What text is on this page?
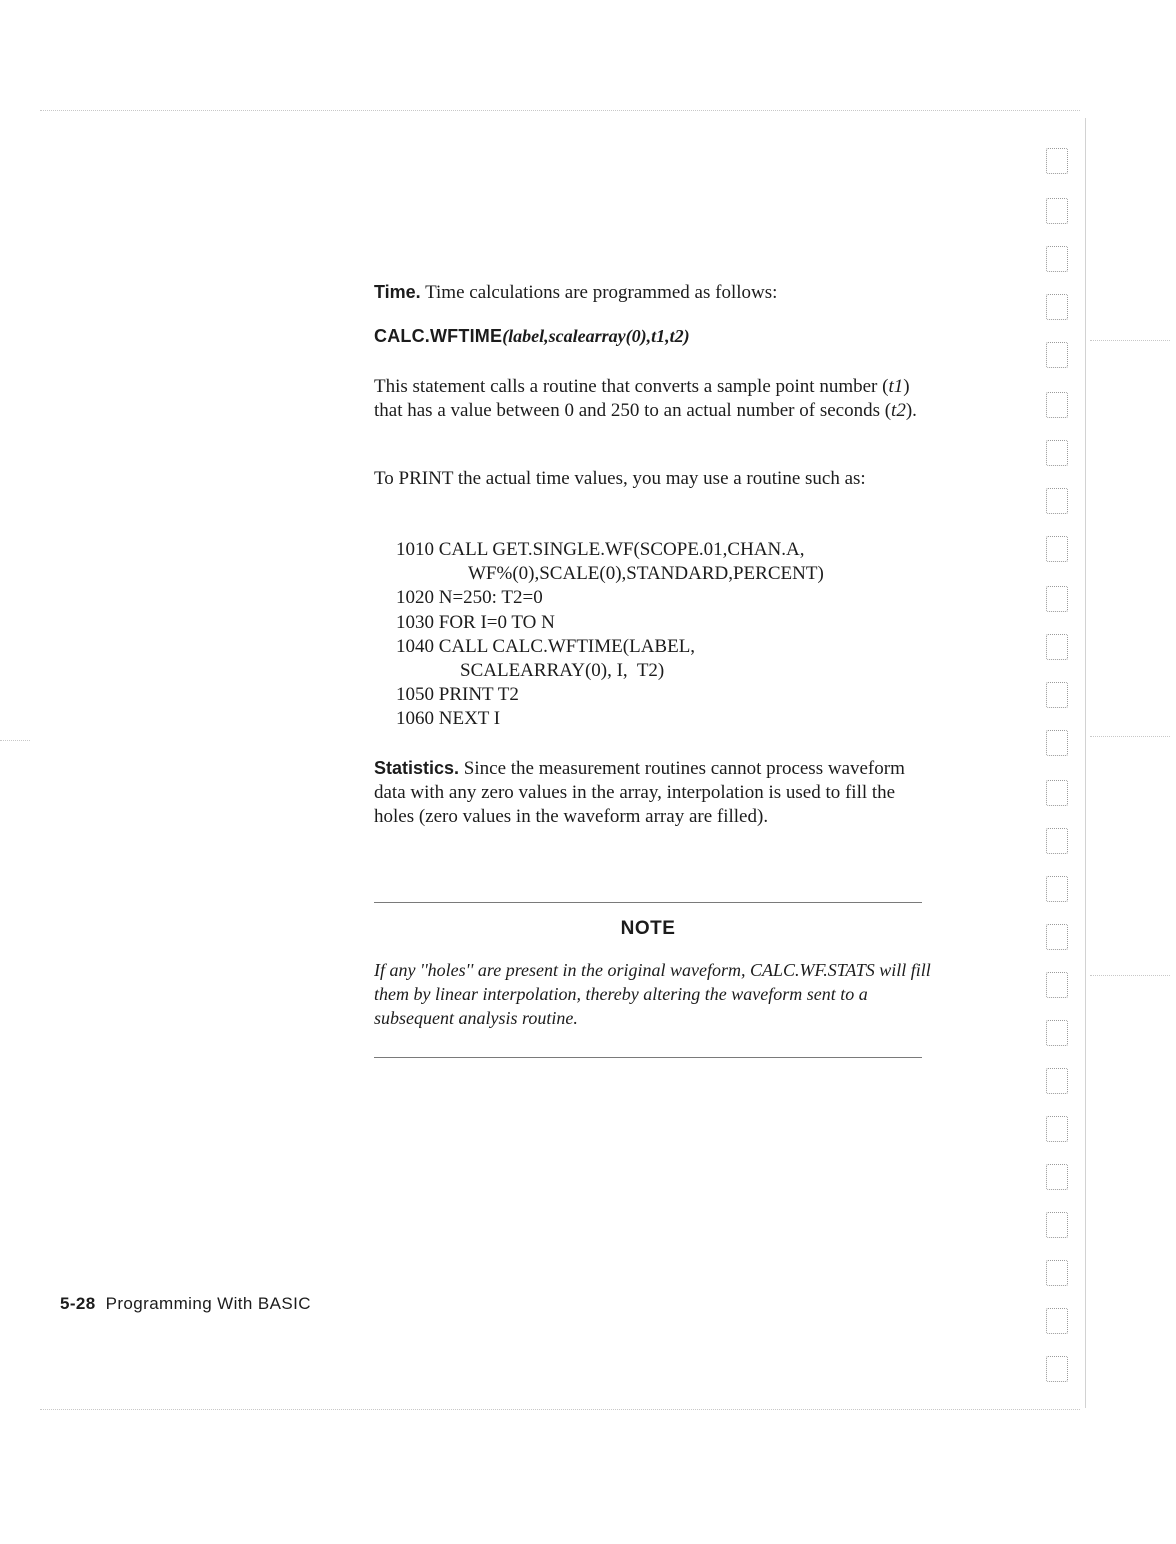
Time. Time calculations are programmed as follows:
CALC.WFTIME(label,scalearray(0),t1,t2)
This statement calls a routine that converts a sample point number (t1) that has a value between 0 and 250 to an actual number of seconds (t2).
To PRINT the actual time values, you may use a routine such as:
1010 CALL GET.SINGLE.WF(SCOPE.01,CHAN.A,
WF%(0),SCALE(0),STANDARD,PERCENT)
1020 N=250: T2=0
1030 FOR I=0 TO N
1040 CALL CALC.WFTIME(LABEL,
SCALEARRAY(0), I,  T2)
1050 PRINT T2
1060 NEXT I
Statistics. Since the measurement routines cannot process waveform data with any zero values in the array, interpolation is used to fill the holes (zero values in the waveform array are filled).
NOTE
If any ''holes'' are present in the original waveform, CALC.WF.STATS will fill them by linear interpolation, thereby altering the waveform sent to a subsequent analysis routine.
5-28 Programming With BASIC
